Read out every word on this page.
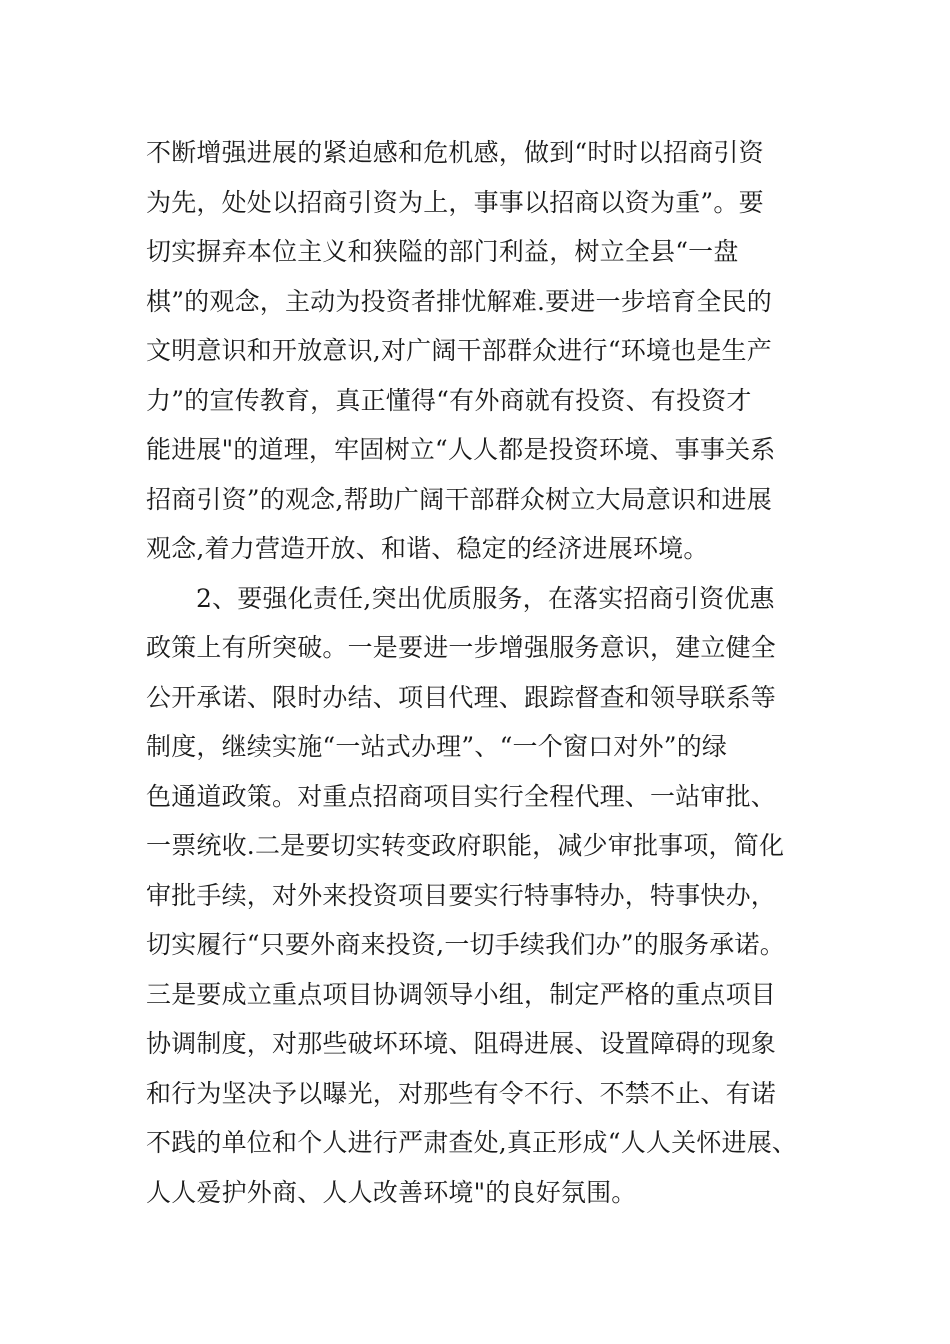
不断增强进展的紧迫感和危机感，做到“时时以招商引资
为先，处处以招商引资为上，事事以招商以资为重”。要
切实摒弃本位主义和狭隘的部门利益，树立全县“一盘
棋”的观念，主动为投资者排忧解难.要进一步培育全民的
文明意识和开放意识,对广阔干部群众进行“环境也是生产
力”的宣传教育，真正懂得“有外商就有投资、有投资才
能进展"的道理，牢固树立“人人都是投资环境、事事关系
招商引资”的观念,帮助广阔干部群众树立大局意识和进展
观念,着力营造开放、和谐、稳定的经济进展环境。
2、要强化责任,突出优质服务，在落实招商引资优惠
政策上有所突破。一是要进一步增强服务意识，建立健全
公开承诺、限时办结、项目代理、跟踪督查和领导联系等
制度，继续实施“一站式办理”、“一个窗口对外”的绿
色通道政策。对重点招商项目实行全程代理、一站审批、
一票统收.二是要切实转变政府职能，减少审批事项，简化
审批手续，对外来投资项目要实行特事特办，特事快办，
切实履行“只要外商来投资,一切手续我们办”的服务承诺。
三是要成立重点项目协调领导小组，制定严格的重点项目
协调制度，对那些破坏环境、阻碍进展、设置障碍的现象
和行为坚决予以曝光，对那些有令不行、不禁不止、有诺
不践的单位和个人进行严肃查处,真正形成“人人关怀进展、
人人爱护外商、人人改善环境"的良好氛围。
